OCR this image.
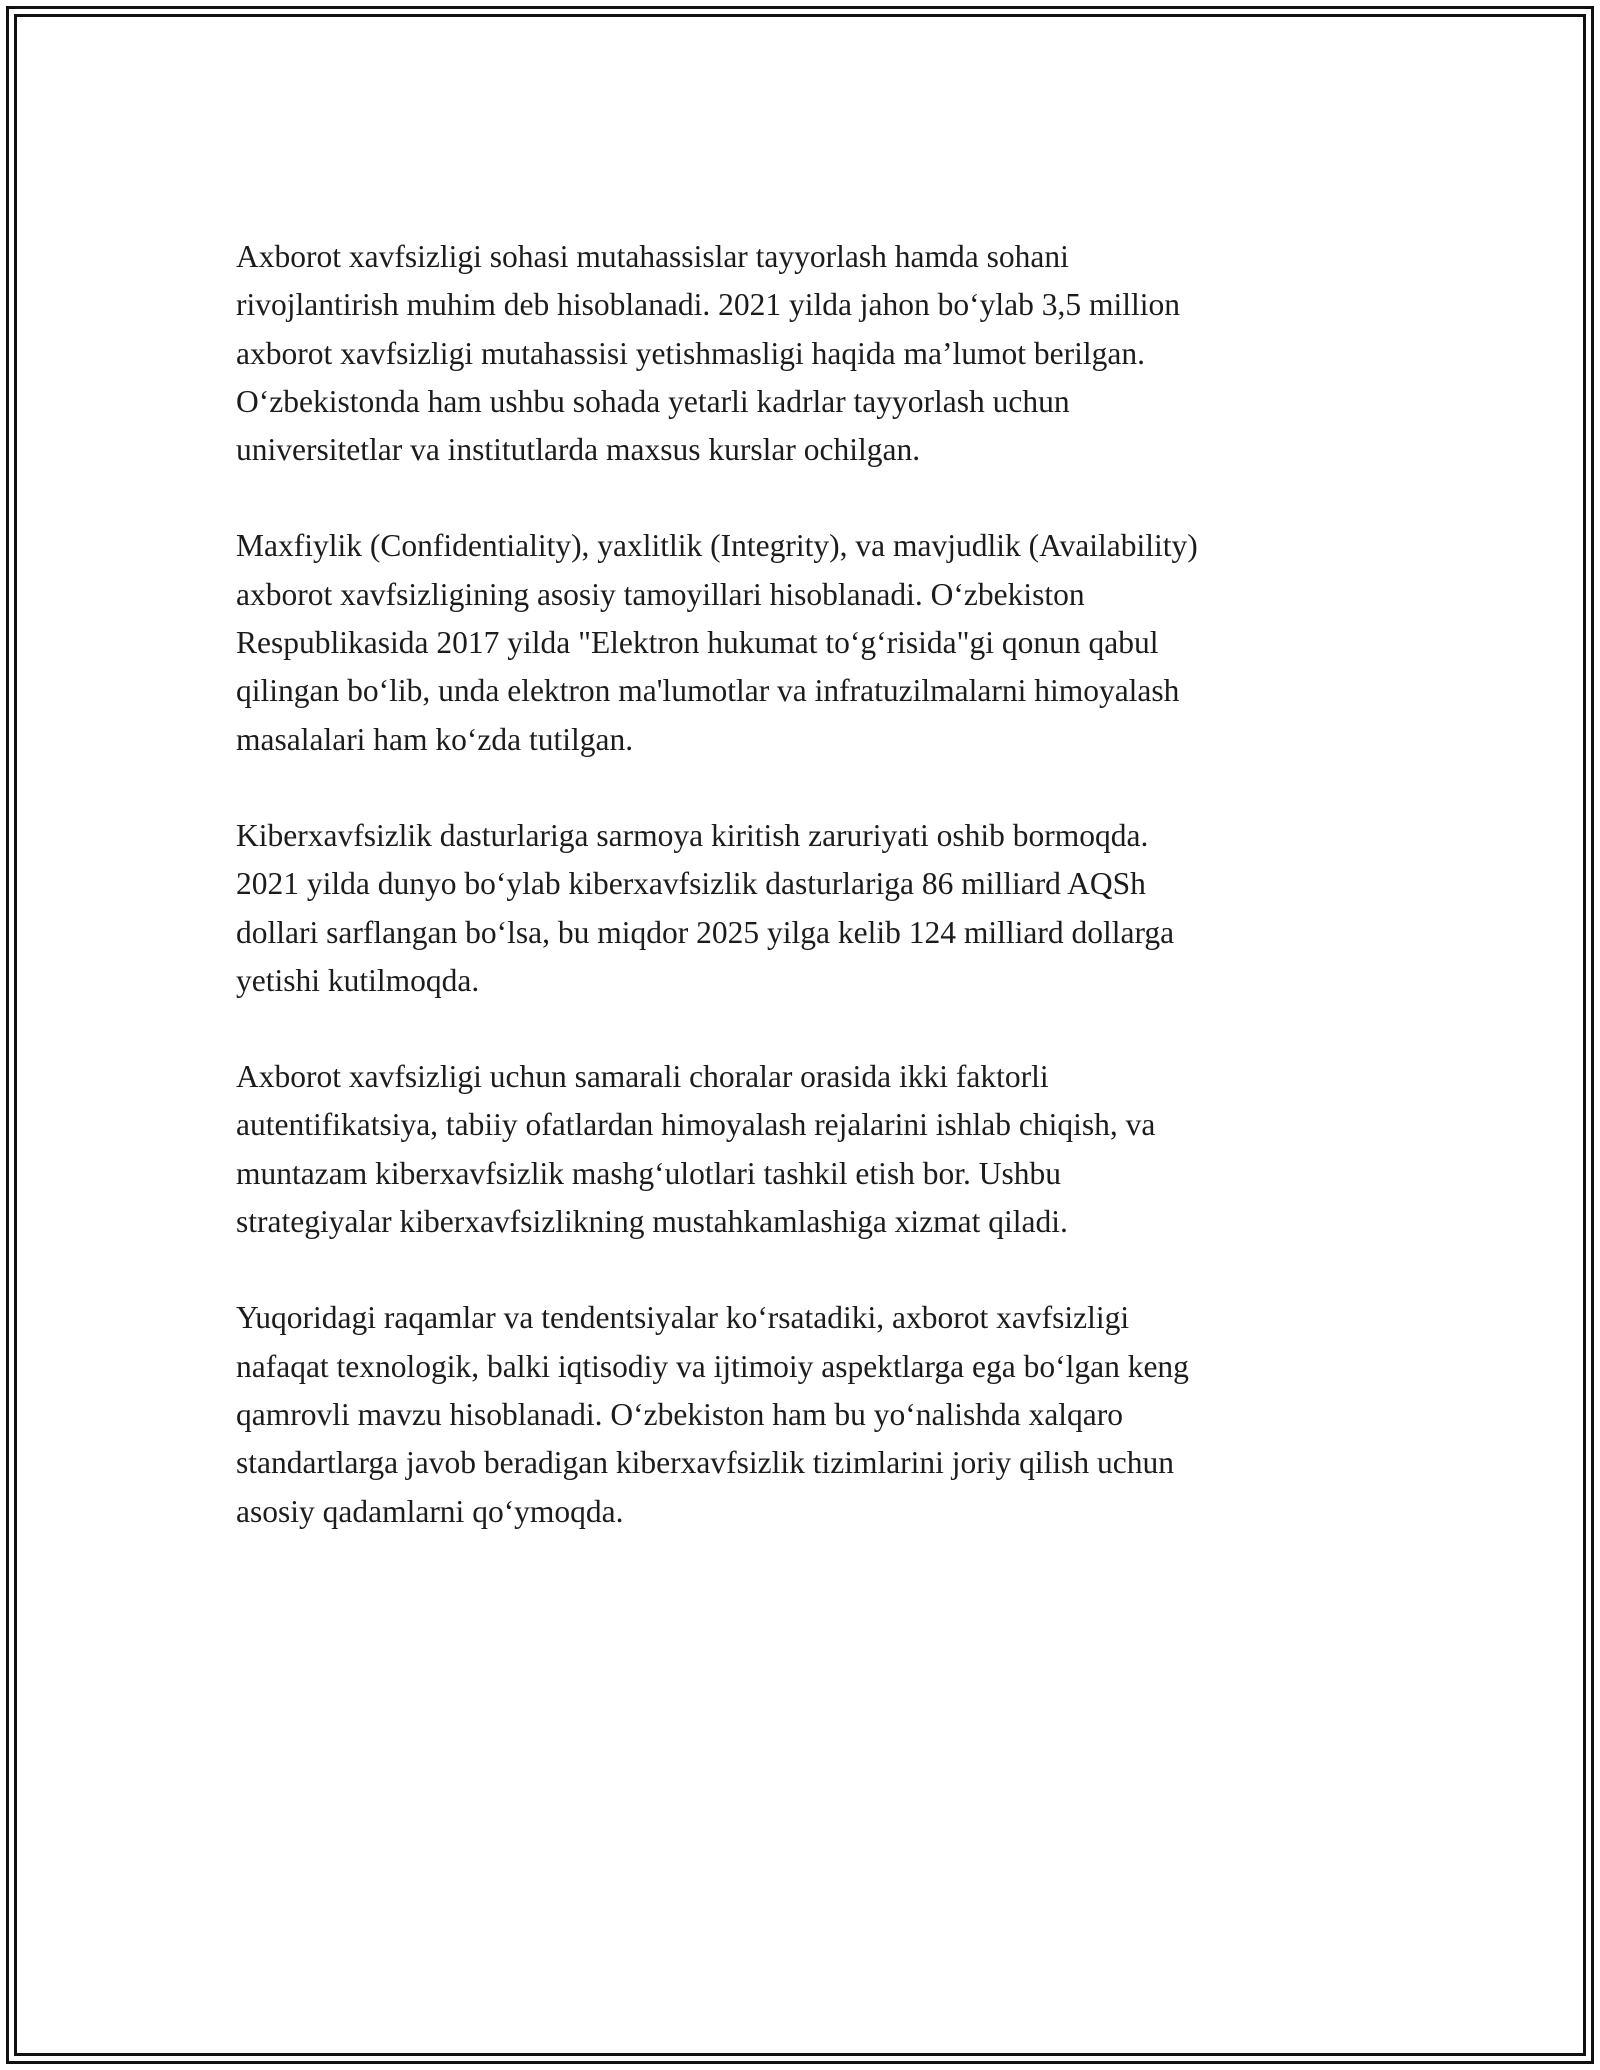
Axborot xavfsizligi sohasi mutahassislar tayyorlash hamda sohani
rivojlantirish muhim deb hisoblanadi. 2021 yilda jahon bo‘ylab 3,5 million
axborot xavfsizligi mutahassisi yetishmasligi haqida ma’lumot berilgan.
O‘zbekistonda ham ushbu sohada yetarli kadrlar tayyorlash uchun
universitetlar va institutlarda maxsus kurslar ochilgan.

Maxfiylik (Confidentiality), yaxlitlik (Integrity), va mavjudlik (Availability)
axborot xavfsizligining asosiy tamoyillari hisoblanadi. O‘zbekiston
Respublikasida 2017 yilda "Elektron hukumat to‘g‘risida"gi qonun qabul
qilingan bo‘lib, unda elektron ma'lumotlar va infratuzilmalarni himoyalash
masalalari ham ko‘zda tutilgan.

Kiberxavfsizlik dasturlariga sarmoya kiritish zaruriyati oshib bormoqda.
2021 yilda dunyo bo‘ylab kiberxavfsizlik dasturlariga 86 milliard AQSh
dollari sarflangan bo‘lsa, bu miqdor 2025 yilga kelib 124 milliard dollarga
yetishi kutilmoqda.

Axborot xavfsizligi uchun samarali choralar orasida ikki faktorli
autentifikatsiya, tabiiy ofatlardan himoyalash rejalarini ishlab chiqish, va
muntazam kiberxavfsizlik mashg‘ulotlari tashkil etish bor. Ushbu
strategiyalar kiberxavfsizlikning mustahkamlashiga xizmat qiladi.

Yuqoridagi raqamlar va tendentsiyalar ko‘rsatadiki, axborot xavfsizligi
nafaqat texnologik, balki iqtisodiy va ijtimoiy aspektlarga ega bo‘lgan keng
qamrovli mavzu hisoblanadi. O‘zbekiston ham bu yo‘nalishda xalqaro
standartlarga javob beradigan kiberxavfsizlik tizimlarini joriy qilish uchun
asosiy qadamlarni qo‘ymoqda.
